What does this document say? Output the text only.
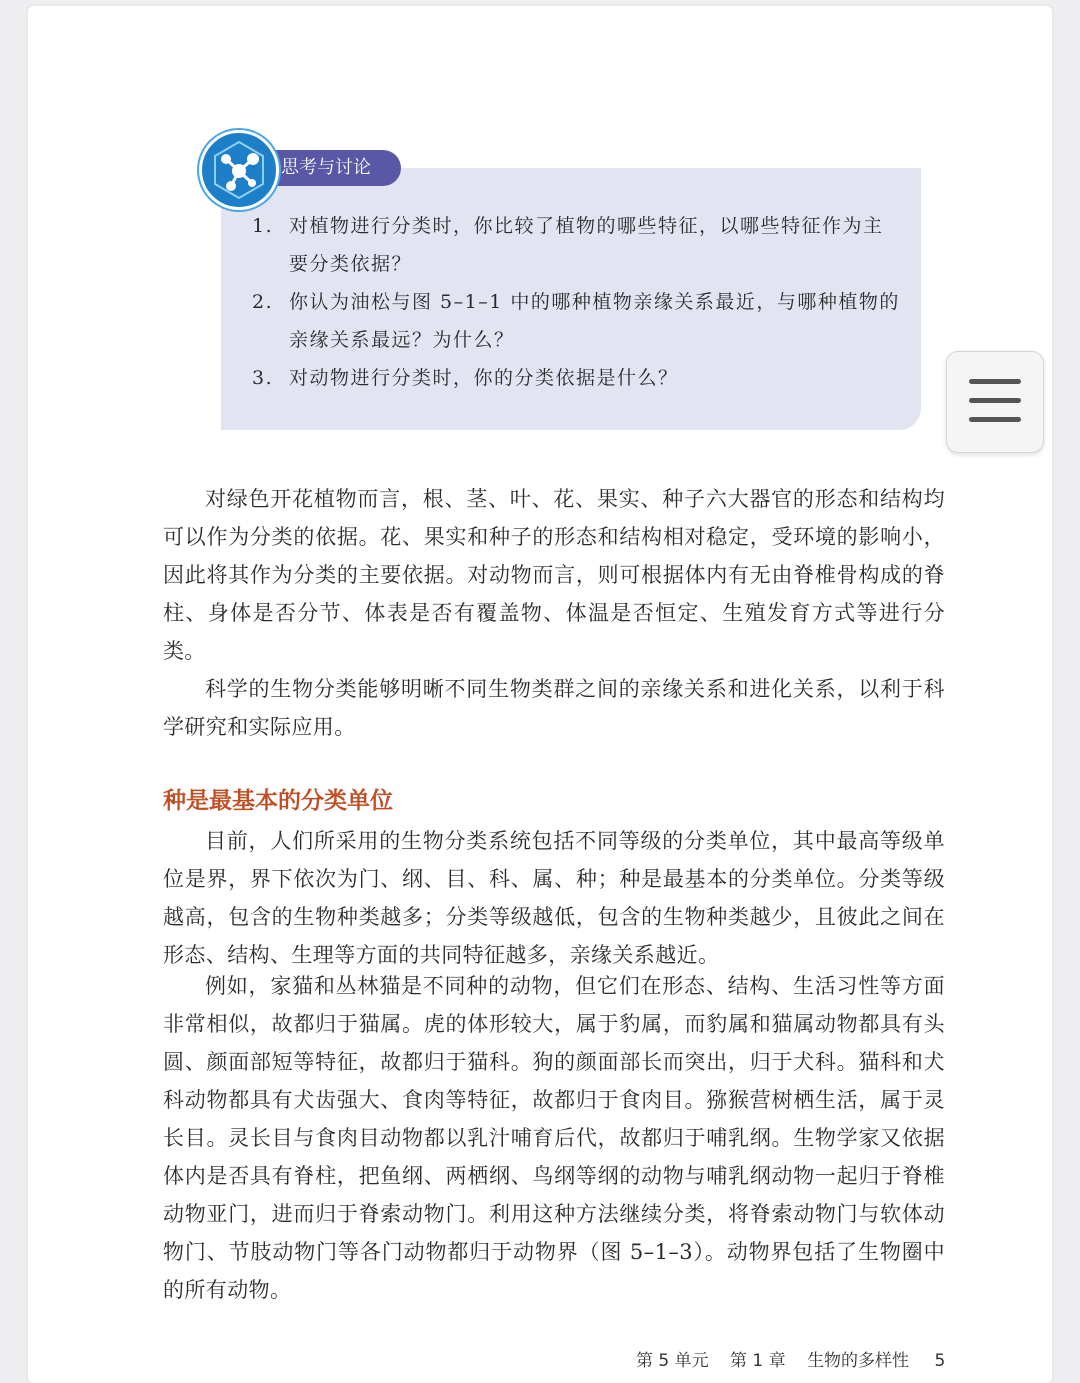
思考与讨论
1. 对植物进行分类时，你比较了植物的哪些特征，以哪些特征作为主要分类依据？
2. 你认为油松与图 5–1–1 中的哪种植物亲缘关系最近，与哪种植物的亲缘关系最远？为什么？
3. 对动物进行分类时，你的分类依据是什么？

对绿色开花植物而言，根、茎、叶、花、果实、种子六大器官的形态和结构均可以作为分类的依据。花、果实和种子的形态和结构相对稳定，受环境的影响小，因此将其作为分类的主要依据。对动物而言，则可根据体内有无由脊椎骨构成的脊柱、身体是否分节、体表是否有覆盖物、体温是否恒定、生殖发育方式等进行分类。

科学的生物分类能够明晰不同生物类群之间的亲缘关系和进化关系，以利于科学研究和实际应用。

种是最基本的分类单位

目前，人们所采用的生物分类系统包括不同等级的分类单位，其中最高等级单位是界，界下依次为门、纲、目、科、属、种；种是最基本的分类单位。分类等级越高，包含的生物种类越多；分类等级越低，包含的生物种类越少，且彼此之间在形态、结构、生理等方面的共同特征越多，亲缘关系越近。

例如，家猫和丛林猫是不同种的动物，但它们在形态、结构、生活习性等方面非常相似，故都归于猫属。虎的体形较大，属于豹属，而豹属和猫属动物都具有头圆、颜面部短等特征，故都归于猫科。狗的颜面部长而突出，归于犬科。猫科和犬科动物都具有犬齿强大、食肉等特征，故都归于食肉目。猕猴营树栖生活，属于灵长目。灵长目与食肉目动物都以乳汁哺育后代，故都归于哺乳纲。生物学家又依据体内是否具有脊柱，把鱼纲、两栖纲、鸟纲等纲的动物与哺乳纲动物一起归于脊椎动物亚门，进而归于脊索动物门。利用这种方法继续分类，将脊索动物门与软体动物门、节肢动物门等各门动物都归于动物界（图 5–1–3）。动物界包括了生物圈中的所有动物。

第 5 单元 第 1 章 生物的多样性 5
